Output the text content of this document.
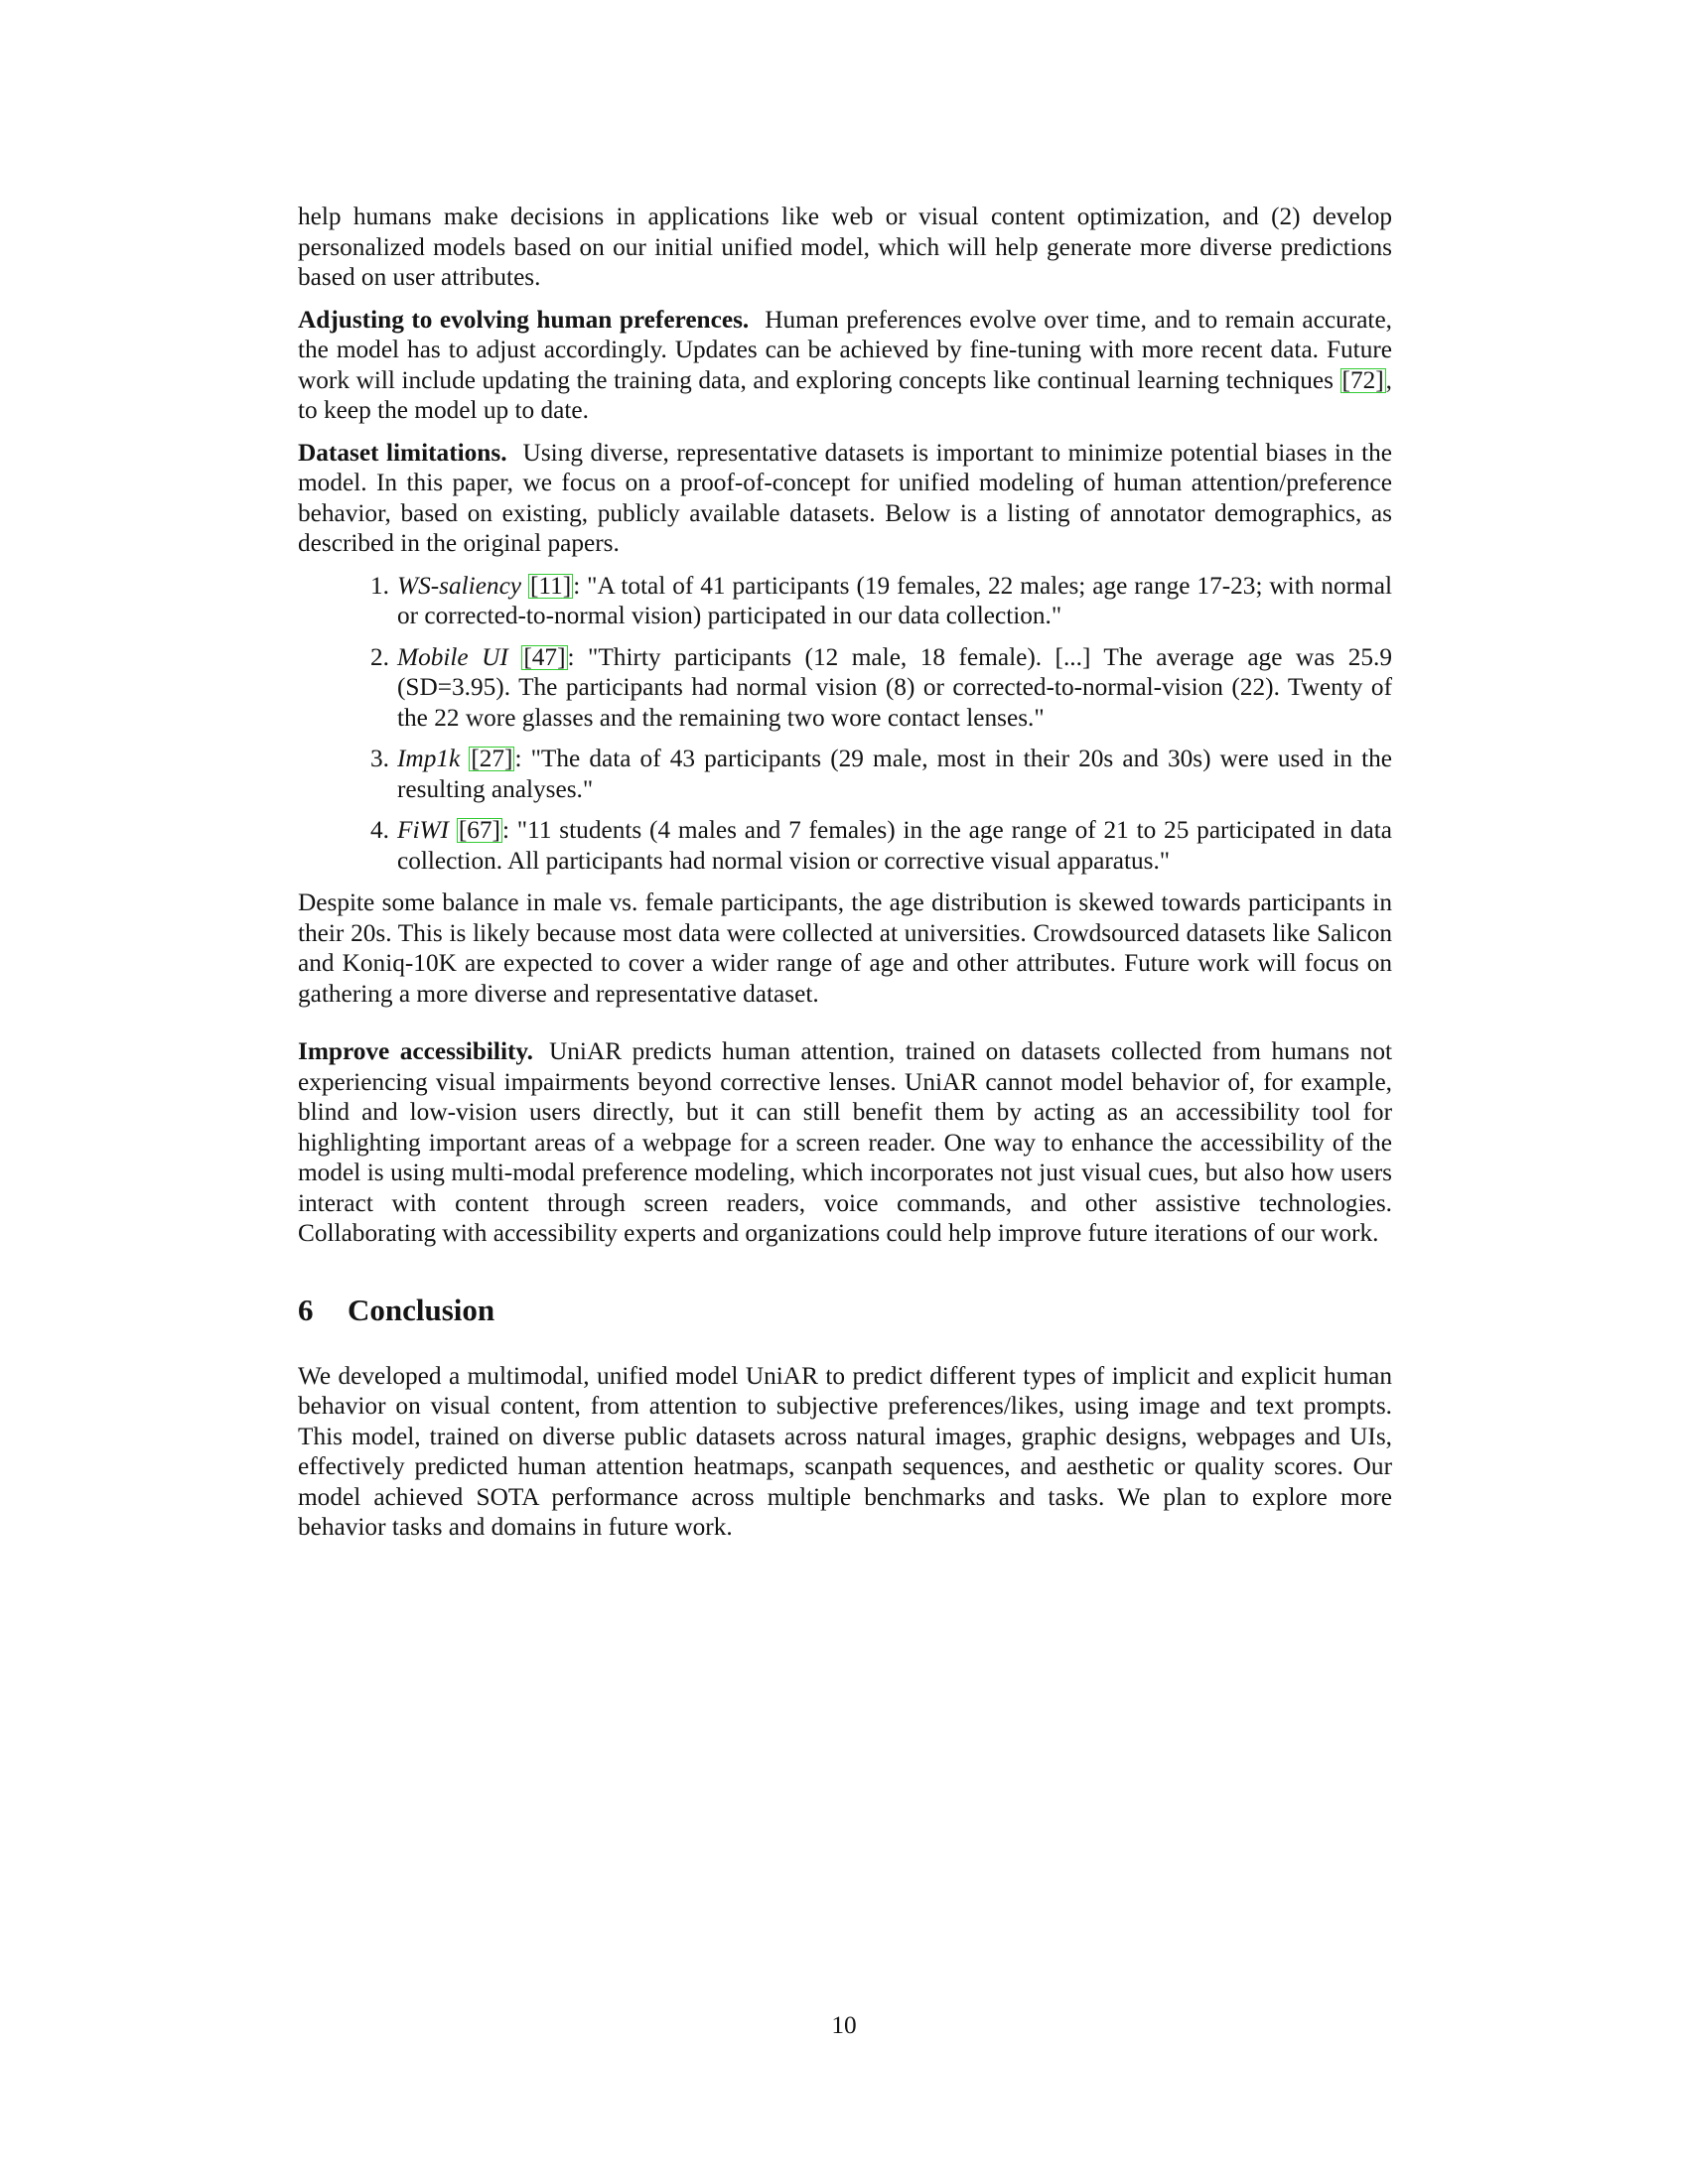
help humans make decisions in applications like web or visual content optimization, and (2) develop personalized models based on our initial unified model, which will help generate more diverse predictions based on user attributes.

Adjusting to evolving human preferences. Human preferences evolve over time, and to remain accurate, the model has to adjust accordingly. Updates can be achieved by fine-tuning with more recent data. Future work will include updating the training data, and exploring concepts like continual learning techniques [72], to keep the model up to date.

Dataset limitations. Using diverse, representative datasets is important to minimize potential biases in the model. In this paper, we focus on a proof-of-concept for unified modeling of human attention/preference behavior, based on existing, publicly available datasets. Below is a listing of annotator demographics, as described in the original papers.

1. WS-saliency [11]: "A total of 41 participants (19 females, 22 males; age range 17-23; with normal or corrected-to-normal vision) participated in our data collection."
2. Mobile UI [47]: "Thirty participants (12 male, 18 female). [...] The average age was 25.9 (SD=3.95). The participants had normal vision (8) or corrected-to-normal-vision (22). Twenty of the 22 wore glasses and the remaining two wore contact lenses."
3. Imp1k [27]: "The data of 43 participants (29 male, most in their 20s and 30s) were used in the resulting analyses."
4. FiWI [67]: "11 students (4 males and 7 females) in the age range of 21 to 25 participated in data collection. All participants had normal vision or corrective visual apparatus."

Despite some balance in male vs. female participants, the age distribution is skewed towards participants in their 20s. This is likely because most data were collected at universities. Crowdsourced datasets like Salicon and Koniq-10K are expected to cover a wider range of age and other attributes. Future work will focus on gathering a more diverse and representative dataset.

Improve accessibility. UniAR predicts human attention, trained on datasets collected from humans not experiencing visual impairments beyond corrective lenses. UniAR cannot model behavior of, for example, blind and low-vision users directly, but it can still benefit them by acting as an accessibility tool for highlighting important areas of a webpage for a screen reader. One way to enhance the accessibility of the model is using multi-modal preference modeling, which incorporates not just visual cues, but also how users interact with content through screen readers, voice commands, and other assistive technologies. Collaborating with accessibility experts and organizations could help improve future iterations of our work.

6 Conclusion

We developed a multimodal, unified model UniAR to predict different types of implicit and explicit human behavior on visual content, from attention to subjective preferences/likes, using image and text prompts. This model, trained on diverse public datasets across natural images, graphic designs, webpages and UIs, effectively predicted human attention heatmaps, scanpath sequences, and aesthetic or quality scores. Our model achieved SOTA performance across multiple benchmarks and tasks. We plan to explore more behavior tasks and domains in future work.

10
